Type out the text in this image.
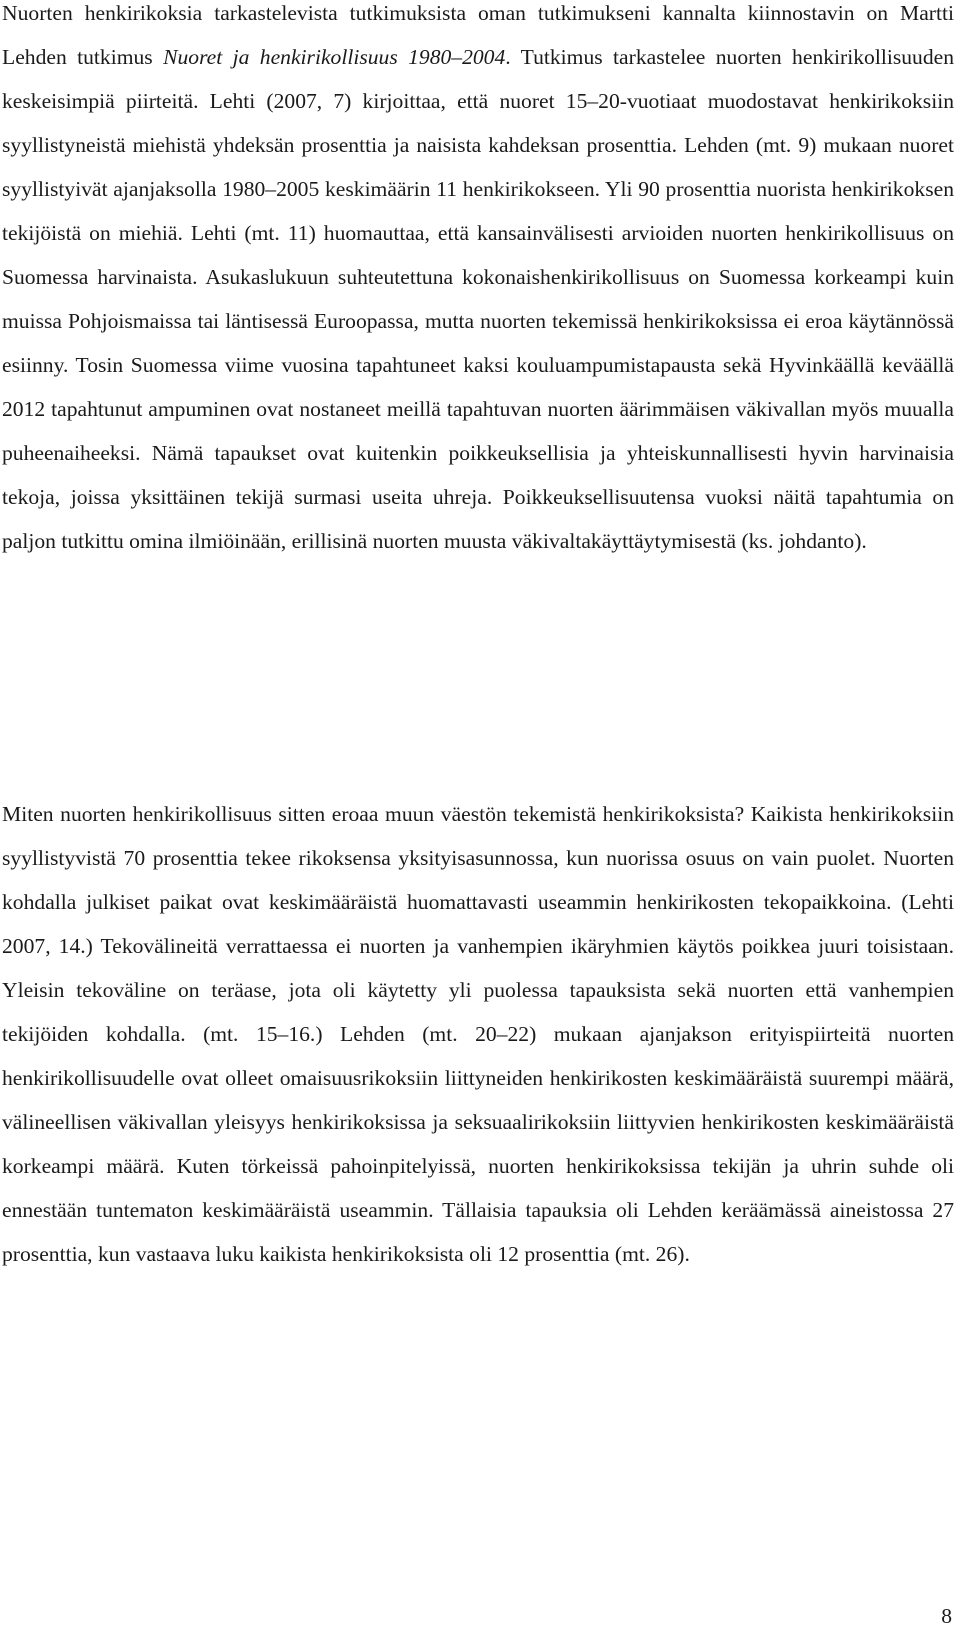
Nuorten henkirikoksia tarkastelevista tutkimuksista oman tutkimukseni kannalta kiinnostavin on Martti Lehden tutkimus Nuoret ja henkirikollisuus 1980–2004. Tutkimus tarkastelee nuorten henkirikollisuuden keskeisimpiä piirteitä. Lehti (2007, 7) kirjoittaa, että nuoret 15–20-vuotiaat muodostavat henkirikoksiin syyllistyneistä miehistä yhdeksän prosenttia ja naisista kahdeksan prosenttia. Lehden (mt. 9) mukaan nuoret syyllistyivät ajanjaksolla 1980–2005 keskimäärin 11 henkirikokseen. Yli 90 prosenttia nuorista henkirikoksen tekijöistä on miehiä. Lehti (mt. 11) huomauttaa, että kansainvälisesti arvioiden nuorten henkirikollisuus on Suomessa harvinaista. Asukaslukuun suhteutettuna kokonaishenkirikollisuus on Suomessa korkeampi kuin muissa Pohjoismaissa tai läntisessä Euroopassa, mutta nuorten tekemissä henkirikoksissa ei eroa käytännössä esiinny. Tosin Suomessa viime vuosina tapahtuneet kaksi kouluampumistapausta sekä Hyvinkäällä keväällä 2012 tapahtunut ampuminen ovat nostaneet meillä tapahtuvan nuorten äärimmäisen väkivallan myös muualla puheenaiheeksi. Nämä tapaukset ovat kuitenkin poikkeuksellisia ja yhteiskunnallisesti hyvin harvinaisia tekoja, joissa yksittäinen tekijä surmasi useita uhreja. Poikkeuksellisuutensa vuoksi näitä tapahtumia on paljon tutkittu omina ilmiöinään, erillisinä nuorten muusta väkivaltakäyttäytymisestä (ks. johdanto).

Miten nuorten henkirikollisuus sitten eroaa muun väestön tekemistä henkirikoksista? Kaikista henkirikoksiin syyllistyvistä 70 prosenttia tekee rikoksensa yksityisasunnossa, kun nuorissa osuus on vain puolet. Nuorten kohdalla julkiset paikat ovat keskimääräistä huomattavasti useammin henkirikosten tekopaikkoina. (Lehti 2007, 14.) Tekovälineitä verrattaessa ei nuorten ja vanhempien ikäryhmien käytös poikkea juuri toisistaan. Yleisin tekoväline on teräase, jota oli käytetty yli puolessa tapauksista sekä nuorten että vanhempien tekijöiden kohdalla. (mt. 15–16.) Lehden (mt. 20–22) mukaan ajanjakson erityispiirteitä nuorten henkirikollisuudelle ovat olleet omaisuusrikoksiin liittyneiden henkirikosten keskimääräistä suurempi määrä, välineellisen väkivallan yleisyys henkirikoksissa ja seksuaalirikoksiin liittyvien henkirikosten keskimääräistä korkeampi määrä. Kuten törkeissä pahoinpitelyissä, nuorten henkirikoksissa tekijän ja uhrin suhde oli ennestään tuntematon keskimääräistä useammin. Tällaisia tapauksia oli Lehden keräämässä aineistossa 27 prosenttia, kun vastaava luku kaikista henkirikoksista oli 12 prosenttia (mt. 26).

8
